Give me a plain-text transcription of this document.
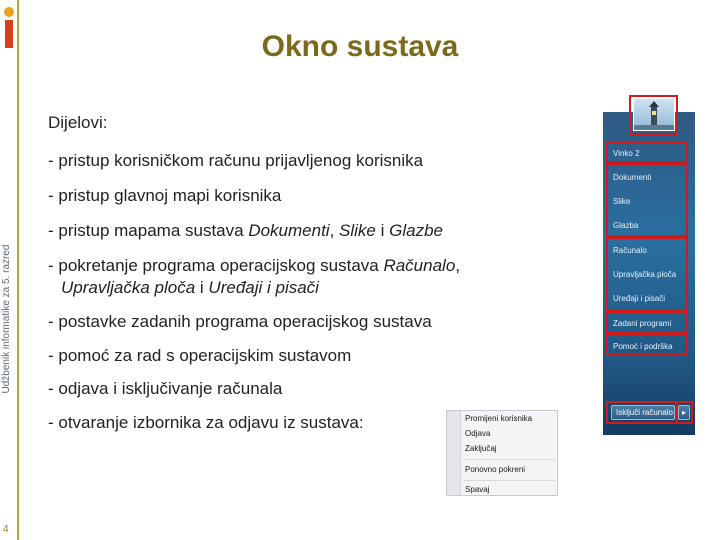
Udžbenik informatike za 5. razred
4
Okno sustava
Dijelovi:
- pristup korisničkom računu prijavljenog korisnika
- pristup glavnoj mapi korisnika
- pristup mapama sustava Dokumenti, Slike i Glazbe
- pokretanje programa operacijskog sustava Računalo,
Upravljačka ploča i Uređaji i pisači
- postavke zadanih programa operacijskog sustava
- pomoć za rad s operacijskim sustavom
- odjava i isključivanje računala
- otvaranje izbornika za odjavu iz sustava:
Vinko 2
Dokumenti
Slike
Glazba
Računalo
Upravljačka ploča
Uređaji i pisači
Zadani programi
Pomoć i podrška
Isključi računalo	▸
Promijeni korisnika
Odjava
Zaključaj
Ponovno pokreni
Spavaj
